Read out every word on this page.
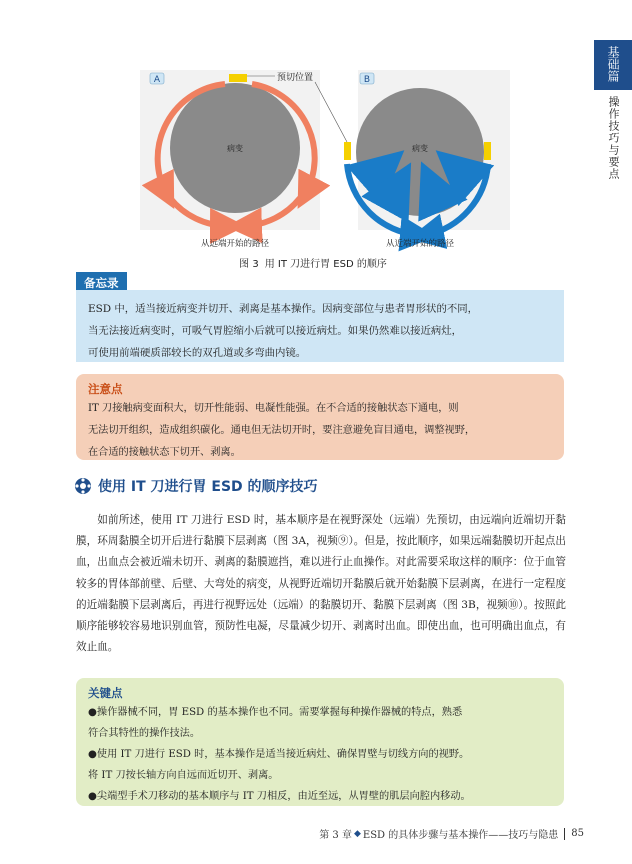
基础篇
操作技巧与要点
A	B
预切位置
病变	病变
从远端开始的路径	从近端开始的路径
图 3 用 IT 刀进行胃 ESD 的顺序
备忘录
ESD 中，适当接近病变并切开、剥离是基本操作。因病变部位与患者胃形状的不同，
当无法接近病变时，可吸气胃腔缩小后就可以接近病灶。如果仍然难以接近病灶，
可使用前端硬质部较长的双孔道或多弯曲内镜。
注意点
IT 刀接触病变面积大，切开性能弱、电凝性能强。在不合适的接触状态下通电，则
无法切开组织，造成组织碳化。通电但无法切开时，要注意避免盲目通电，调整视野，
在合适的接触状态下切开、剥离。
使用 IT 刀进行胃 ESD 的顺序技巧

如前所述，使用 IT 刀进行 ESD 时，基本顺序是在视野深处（远端）先预切，由远端向近端切开黏膜，环周黏膜全切开后进行黏膜下层剥离（图 3A，视频⑨）。但是，按此顺序，如果远端黏膜切开起点出血，出血点会被近端未切开、剥离的黏膜遮挡，难以进行止血操作。对此需要采取这样的顺序：位于血管较多的胃体部前壁、后壁、大弯处的病变，从视野近端切开黏膜后就开始黏膜下层剥离，在进行一定程度的近端黏膜下层剥离后，再进行视野远处（远端）的黏膜切开、黏膜下层剥离（图 3B，视频⑩）。按照此顺序能够较容易地识别血管，预防性电凝，尽量减少切开、剥离时出血。即使出血，也可明确出血点，有效止血。

关键点
●操作器械不同，胃 ESD 的基本操作也不同。需要掌握每种操作器械的特点，熟悉
符合其特性的操作技法。
●使用 IT 刀进行 ESD 时，基本操作是适当接近病灶、确保胃壁与切线方向的视野。
将 IT 刀按长轴方向自远而近切开、剥离。
●尖端型手术刀移动的基本顺序与 IT 刀相反，由近至远，从胃壁的肌层向腔内移动。
第 3 章 ◆ ESD 的具体步骤与基本操作——技巧与隐患 85
